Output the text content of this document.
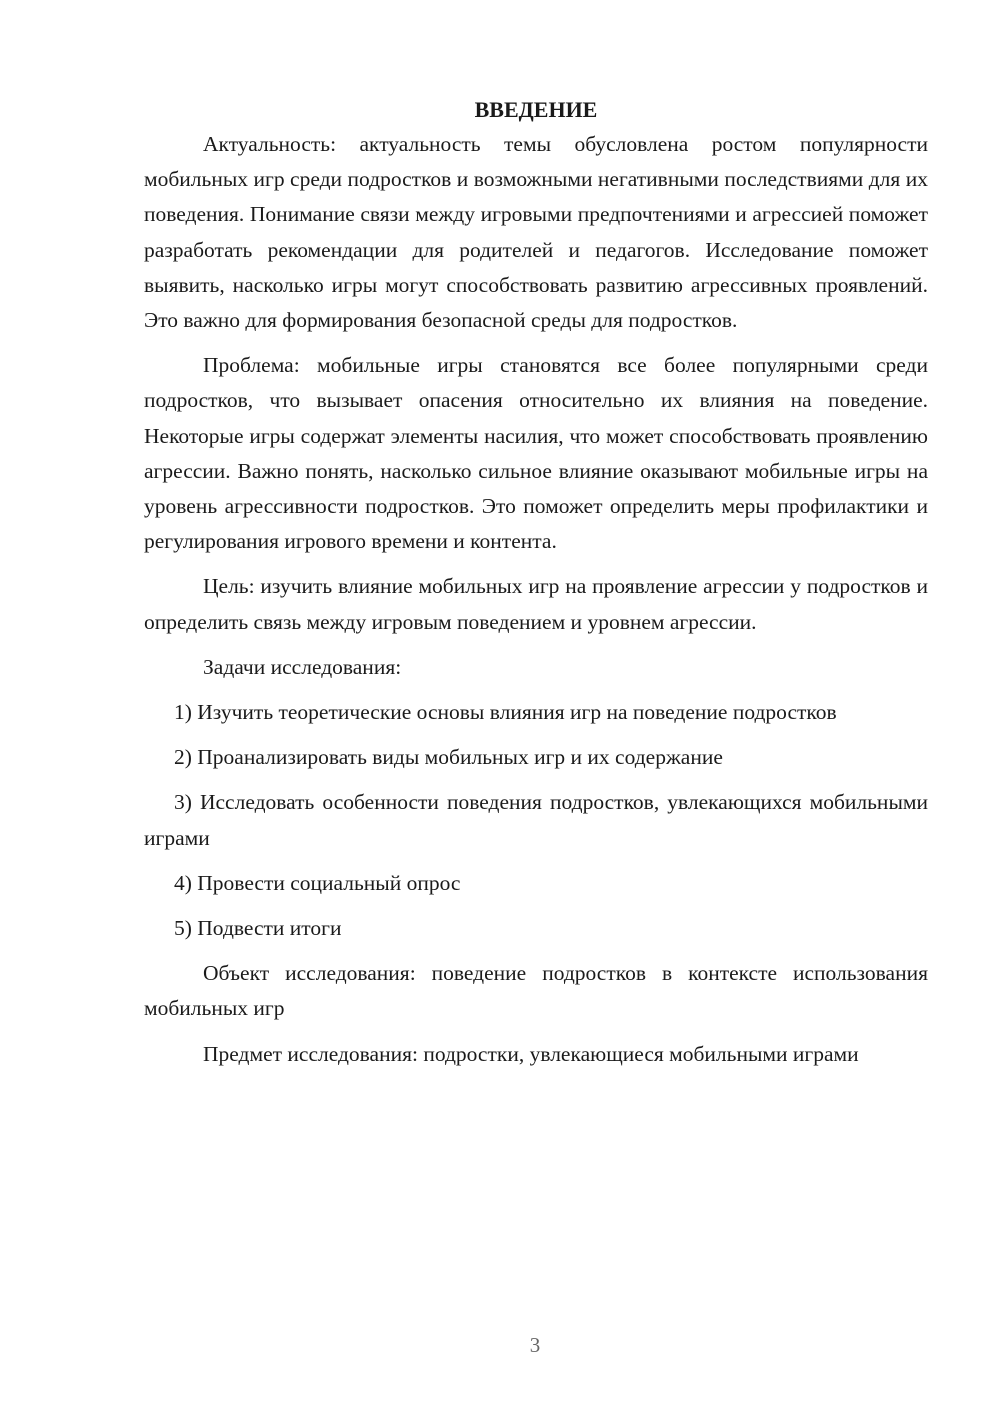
ВВЕДЕНИЕ

Актуальность: актуальность темы обусловлена ростом популярности мобильных игр среди подростков и возможными негативными последствиями для их поведения. Понимание связи между игровыми предпочтениями и агрессией поможет разработать рекомендации для родителей и педагогов. Исследование поможет выявить, насколько игры могут способствовать развитию агрессивных проявлений. Это важно для формирования безопасной среды для подростков.

Проблема: мобильные игры становятся все более популярными среди подростков, что вызывает опасения относительно их влияния на поведение. Некоторые игры содержат элементы насилия, что может способствовать проявлению агрессии. Важно понять, насколько сильное влияние оказывают мобильные игры на уровень агрессивности подростков. Это поможет определить меры профилактики и регулирования игрового времени и контента.

Цель: изучить влияние мобильных игр на проявление агрессии у подростков и определить связь между игровым поведением и уровнем агрессии.

Задачи исследования:

1) Изучить теоретические основы влияния игр на поведение подростков

2) Проанализировать виды мобильных игр и их содержание

3) Исследовать особенности поведения подростков, увлекающихся мобильными играми

4) Провести социальный опрос

5) Подвести итоги

Объект исследования: поведение подростков в контексте использования мобильных игр

Предмет исследования: подростки, увлекающиеся мобильными играми

3
